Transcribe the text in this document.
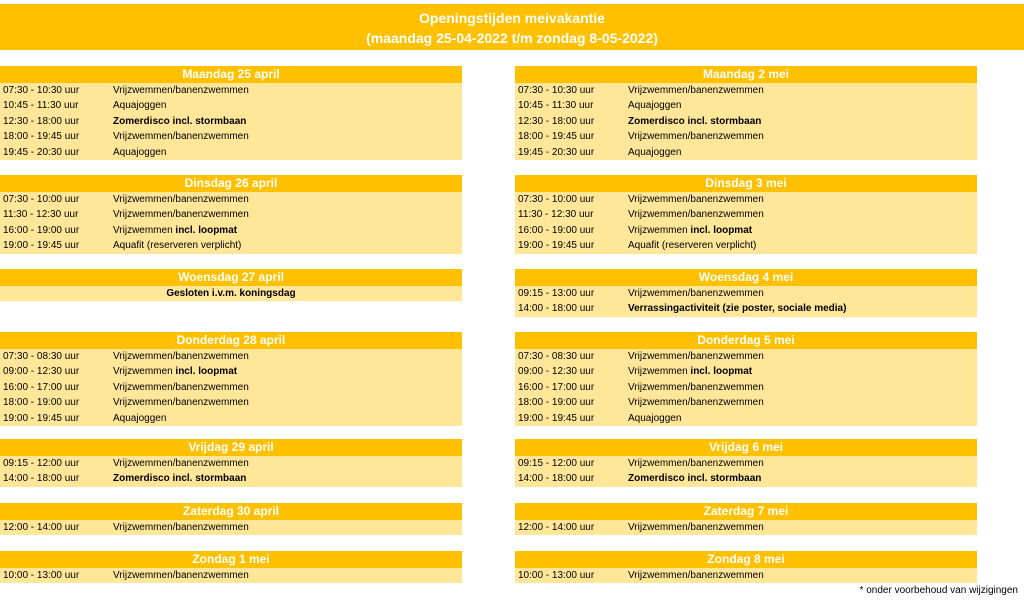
Openingstijden meivakantie
(maandag 25-04-2022 t/m zondag 8-05-2022)
Maandag 25 april
07:30 - 10:30 uur	Vrijzwemmen/banenzwemmen
10:45 - 11:30 uur	Aquajoggen
12:30 - 18:00 uur	Zomerdisco incl. stormbaan
18:00 - 19:45 uur	Vrijzwemmen/banenzwemmen
19:45 - 20:30 uur	Aquajoggen
Dinsdag 26 april
07:30 - 10:00 uur	Vrijzwemmen/banenzwemmen
11:30 - 12:30 uur	Vrijzwemmen/banenzwemmen
16:00 - 19:00 uur	Vrijzwemmen incl. loopmat
19:00 - 19:45 uur	Aquafit (reserveren verplicht)
Woensdag 27 april
Gesloten i.v.m. koningsdag
Donderdag 28 april
07:30 - 08:30 uur	Vrijzwemmen/banenzwemmen
09:00 - 12:30 uur	Vrijzwemmen incl. loopmat
16:00 - 17:00 uur	Vrijzwemmen/banenzwemmen
18:00 - 19:00 uur	Vrijzwemmen/banenzwemmen
19:00 - 19:45 uur	Aquajoggen
Vrijdag 29 april
09:15 - 12:00 uur	Vrijzwemmen/banenzwemmen
14:00 - 18:00 uur	Zomerdisco incl. stormbaan
Zaterdag 30 april
12:00 - 14:00 uur	Vrijzwemmen/banenzwemmen
Zondag 1 mei
10:00 - 13:00 uur	Vrijzwemmen/banenzwemmen
Maandag 2 mei
07:30 - 10:30 uur	Vrijzwemmen/banenzwemmen
10:45 - 11:30 uur	Aquajoggen
12:30 - 18:00 uur	Zomerdisco incl. stormbaan
18:00 - 19:45 uur	Vrijzwemmen/banenzwemmen
19:45 - 20:30 uur	Aquajoggen
Dinsdag 3 mei
07:30 - 10:00 uur	Vrijzwemmen/banenzwemmen
11:30 - 12:30 uur	Vrijzwemmen/banenzwemmen
16:00 - 19:00 uur	Vrijzwemmen incl. loopmat
19:00 - 19:45 uur	Aquafit (reserveren verplicht)
Woensdag 4 mei
09:15 - 13:00 uur	Vrijzwemmen/banenzwemmen
14:00 - 18:00 uur	Verrassingactiviteit (zie poster, sociale media)
Donderdag 5 mei
07:30 - 08:30 uur	Vrijzwemmen/banenzwemmen
09:00 - 12:30 uur	Vrijzwemmen incl. loopmat
16:00 - 17:00 uur	Vrijzwemmen/banenzwemmen
18:00 - 19:00 uur	Vrijzwemmen/banenzwemmen
19:00 - 19:45 uur	Aquajoggen
Vrijdag 6 mei
09:15 - 12:00 uur	Vrijzwemmen/banenzwemmen
14:00 - 18:00 uur	Zomerdisco incl. stormbaan
Zaterdag 7 mei
12:00 - 14:00 uur	Vrijzwemmen/banenzwemmen
Zondag 8 mei
10:00 - 13:00 uur	Vrijzwemmen/banenzwemmen
* onder voorbehoud van wijzigingen
